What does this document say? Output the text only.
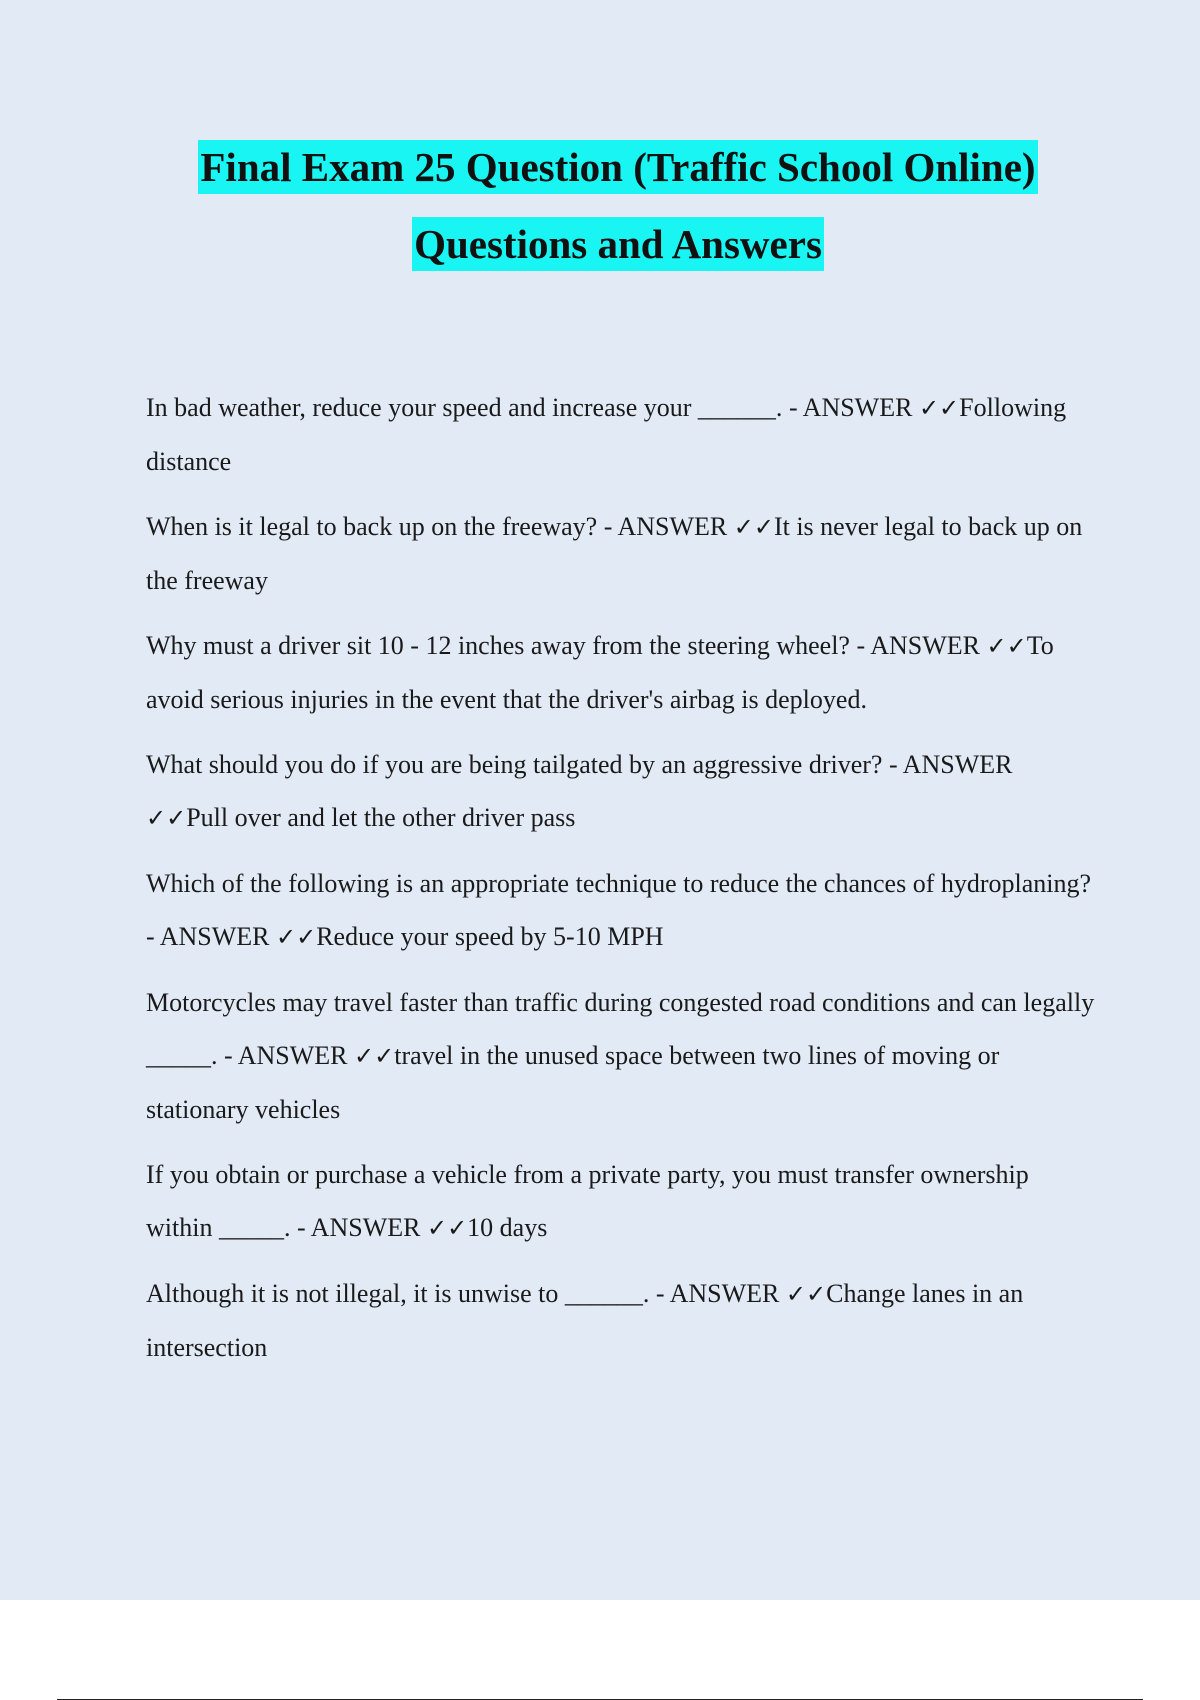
Final Exam 25 Question (Traffic School Online)
Questions and Answers

In bad weather, reduce your speed and increase your ______. - ANSWER ✓✓Following distance

When is it legal to back up on the freeway? - ANSWER ✓✓It is never legal to back up on the freeway

Why must a driver sit 10 - 12 inches away from the steering wheel? - ANSWER ✓✓To avoid serious injuries in the event that the driver's airbag is deployed.

What should you do if you are being tailgated by an aggressive driver? - ANSWER ✓✓Pull over and let the other driver pass

Which of the following is an appropriate technique to reduce the chances of hydroplaning? - ANSWER ✓✓Reduce your speed by 5-10 MPH

Motorcycles may travel faster than traffic during congested road conditions and can legally _____. - ANSWER ✓✓travel in the unused space between two lines of moving or stationary vehicles

If you obtain or purchase a vehicle from a private party, you must transfer ownership within _____. - ANSWER ✓✓10 days

Although it is not illegal, it is unwise to ______. - ANSWER ✓✓Change lanes in an intersection
